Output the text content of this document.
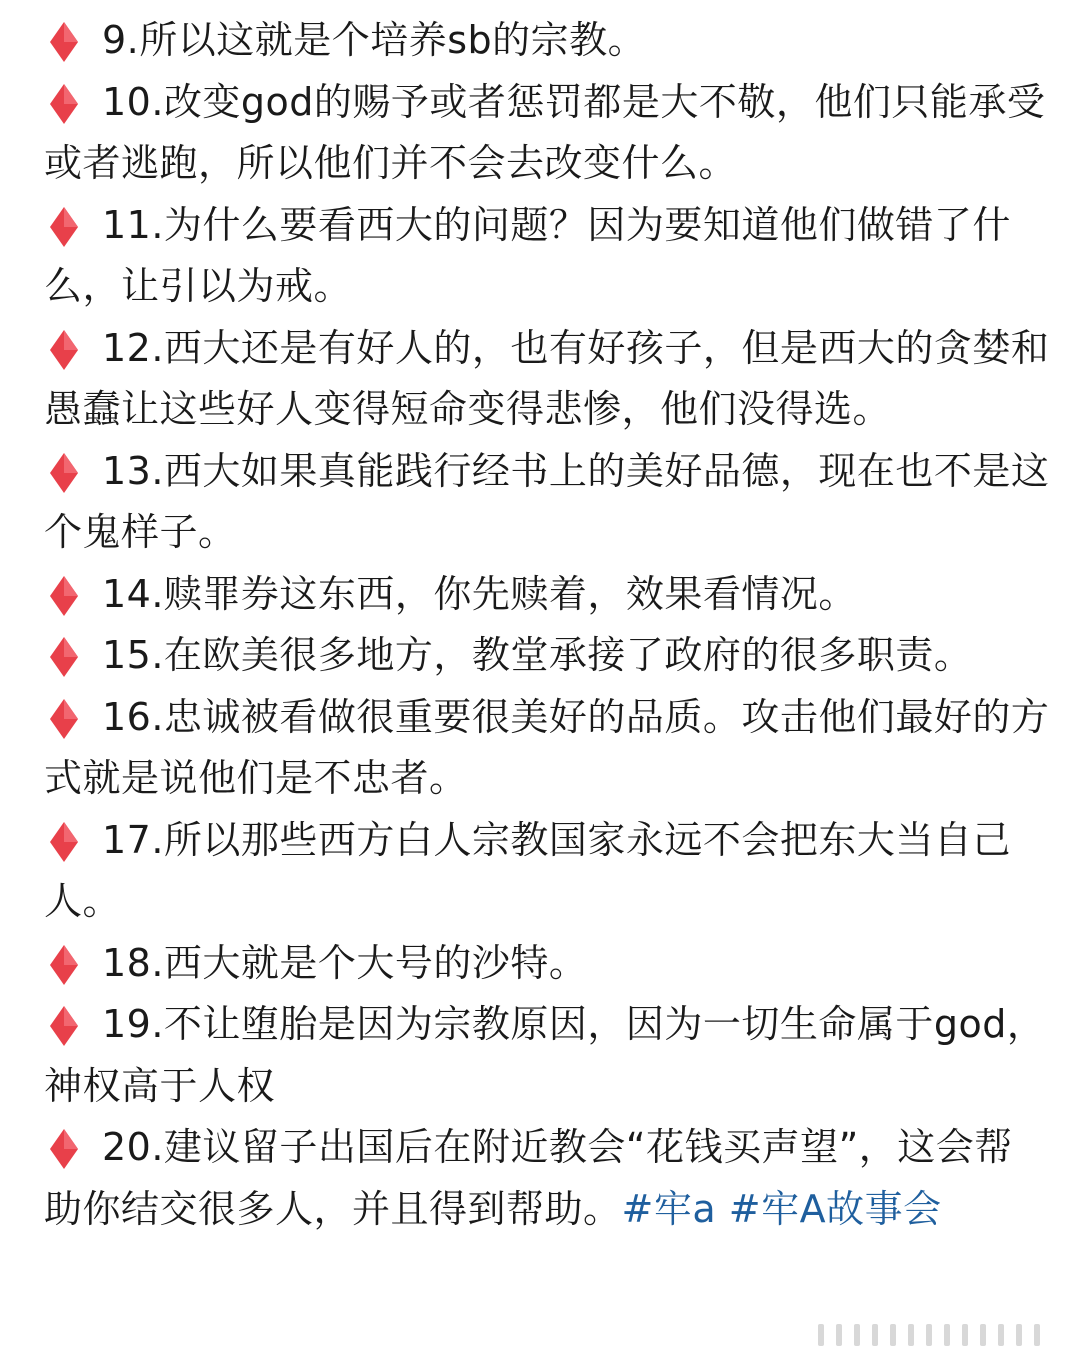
9.所以这就是个培养sb的宗教。
10.改变god的赐予或者惩罚都是大不敬，他们只能承受或者逃跑，所以他们并不会去改变什么。
11.为什么要看西大的问题？因为要知道他们做错了什么，让引以为戒。
12.西大还是有好人的，也有好孩子，但是西大的贪婪和愚蠢让这些好人变得短命变得悲惨，他们没得选。
13.西大如果真能践行经书上的美好品德，现在也不是这个鬼样子。
14.赎罪券这东西，你先赎着，效果看情况。
15.在欧美很多地方，教堂承接了政府的很多职责。
16.忠诚被看做很重要很美好的品质。攻击他们最好的方式就是说他们是不忠者。
17.所以那些西方白人宗教国家永远不会把东大当自己人。
18.西大就是个大号的沙特。
19.不让堕胎是因为宗教原因，因为一切生命属于god，神权高于人权
20.建议留子出国后在附近教会“花钱买声望”，这会帮助你结交很多人，并且得到帮助。#牢a #牢A故事会
